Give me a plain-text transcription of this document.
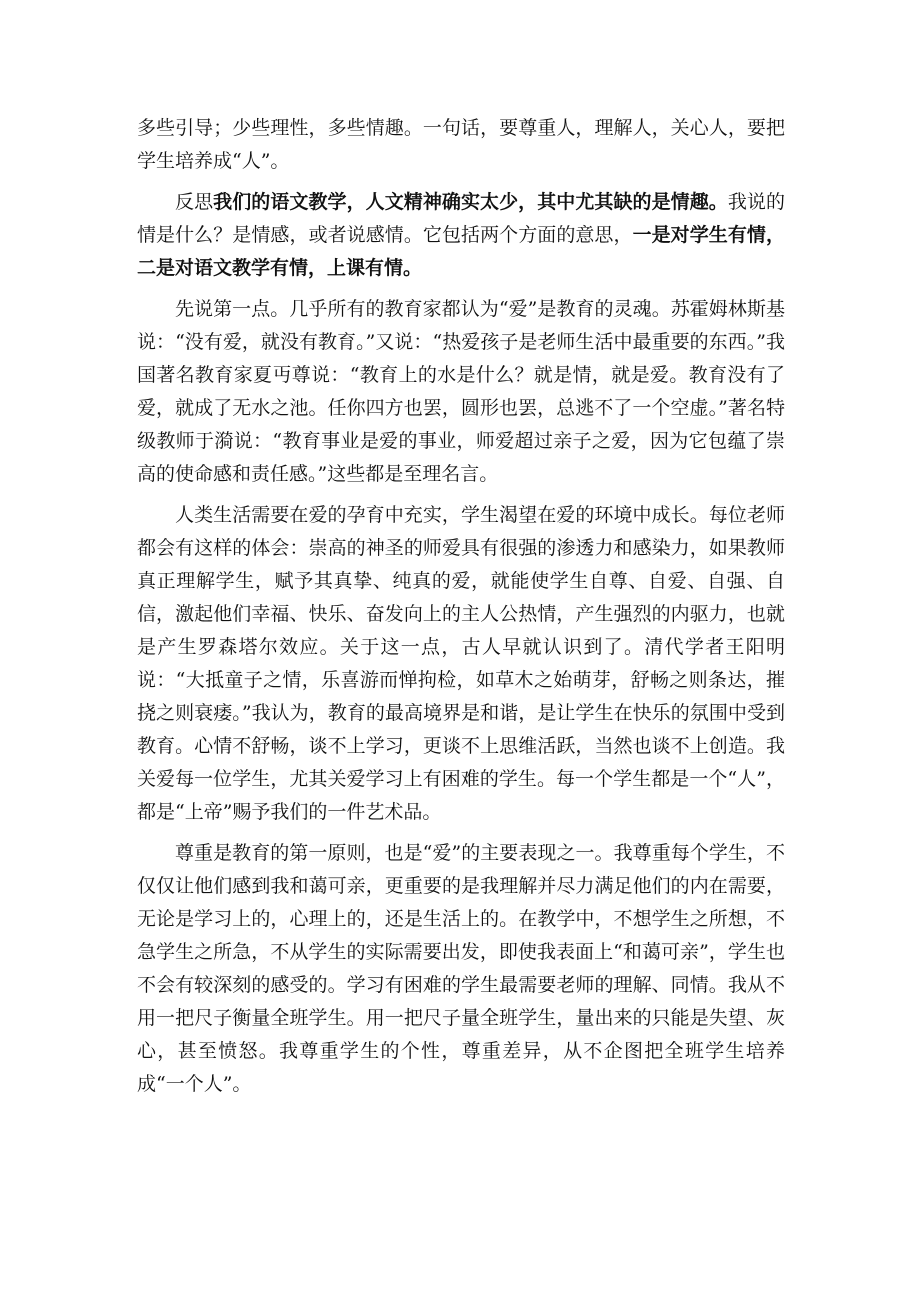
多些引导；少些理性，多些情趣。一句话，要尊重人，理解人，关心人，要把学生培养成“人”。

反思我们的语文教学，人文精神确实太少，其中尤其缺的是情趣。我说的情是什么？是情感，或者说感情。它包括两个方面的意思，一是对学生有情，二是对语文教学有情，上课有情。

先说第一点。几乎所有的教育家都认为“爱”是教育的灵魂。苏霍姆林斯基说：“没有爱，就没有教育。”又说：“热爱孩子是老师生活中最重要的东西。”我国著名教育家夏丏尊说：“教育上的水是什么？就是情，就是爱。教育没有了爱，就成了无水之池。任你四方也罢，圆形也罢，总逃不了一个空虚。”著名特级教师于漪说：“教育事业是爱的事业，师爱超过亲子之爱，因为它包蕴了崇高的使命感和责任感。”这些都是至理名言。

人类生活需要在爱的孕育中充实，学生渴望在爱的环境中成长。每位老师都会有这样的体会：崇高的神圣的师爱具有很强的渗透力和感染力，如果教师真正理解学生，赋予其真挚、纯真的爱，就能使学生自尊、自爱、自强、自信，激起他们幸福、快乐、奋发向上的主人公热情，产生强烈的内驱力，也就是产生罗森塔尔效应。关于这一点，古人早就认识到了。清代学者王阳明说：“大抵童子之情，乐喜游而惮拘检，如草木之始萌芽，舒畅之则条达，摧挠之则衰痿。”我认为，教育的最高境界是和谐，是让学生在快乐的氛围中受到教育。心情不舒畅，谈不上学习，更谈不上思维活跃，当然也谈不上创造。我关爱每一位学生，尤其关爱学习上有困难的学生。每一个学生都是一个“人”，都是“上帝”赐予我们的一件艺术品。

尊重是教育的第一原则，也是“爱”的主要表现之一。我尊重每个学生，不仅仅让他们感到我和蔼可亲，更重要的是我理解并尽力满足他们的内在需要，无论是学习上的，心理上的，还是生活上的。在教学中，不想学生之所想，不急学生之所急，不从学生的实际需要出发，即使我表面上“和蔼可亲”，学生也不会有较深刻的感受的。学习有困难的学生最需要老师的理解、同情。我从不用一把尺子衡量全班学生。用一把尺子量全班学生，量出来的只能是失望、灰心，甚至愤怒。我尊重学生的个性，尊重差异，从不企图把全班学生培养成“一个人”。
